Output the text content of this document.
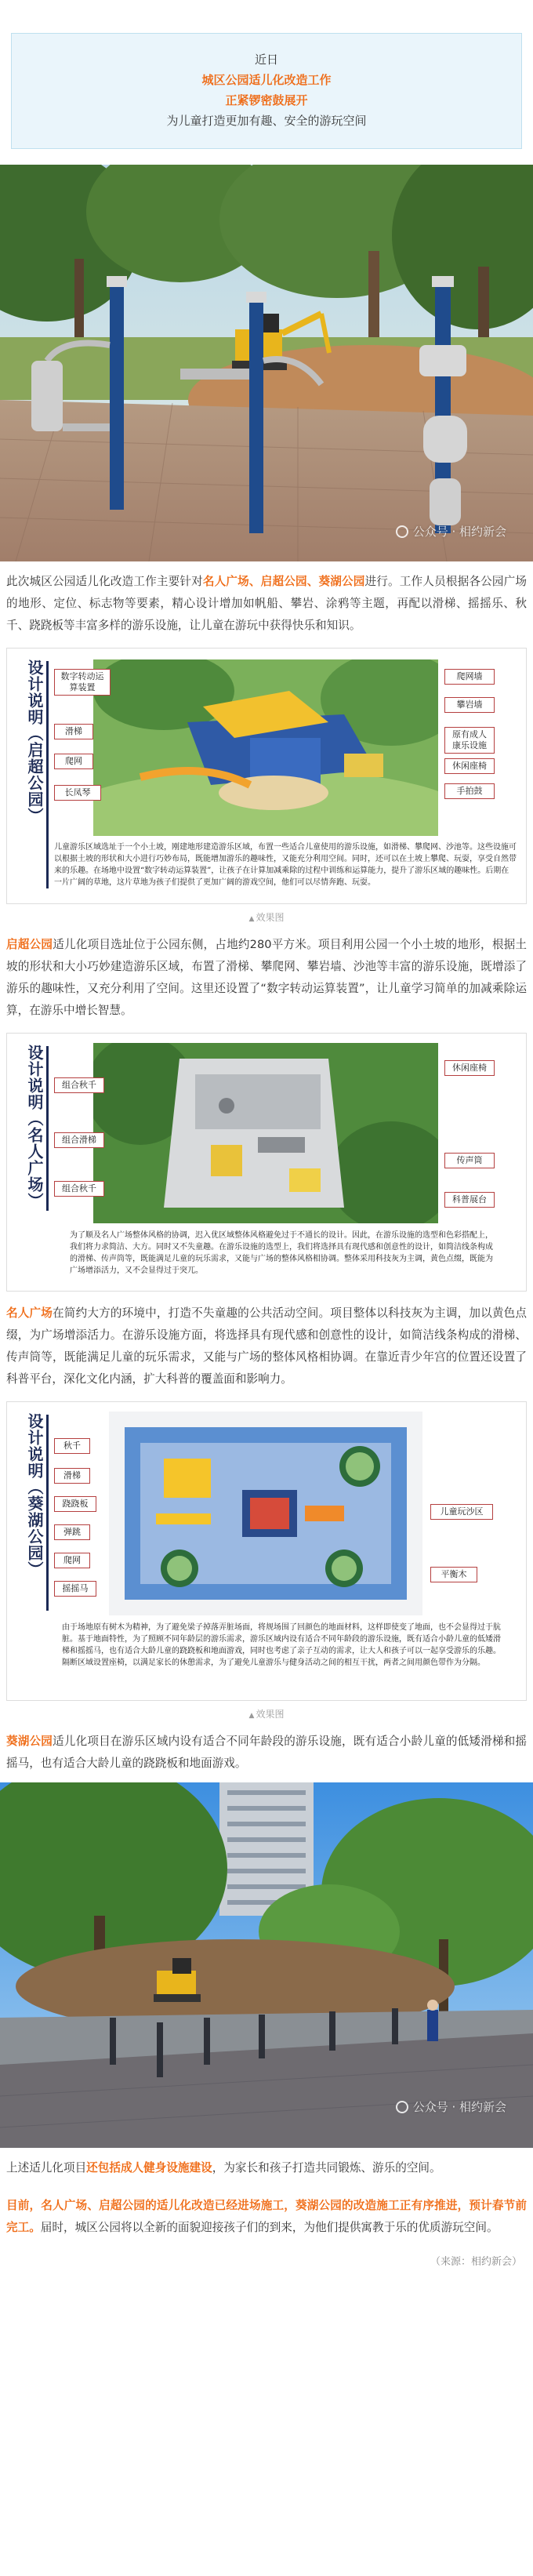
近日
城区公园适儿化改造工作
正紧锣密鼓展开
为儿童打造更加有趣、安全的游玩空间
公众号 · 相约新会
此次城区公园适儿化改造工作主要针对名人广场、启超公园、葵湖公园进行。工作人员根据各公园广场的地形、定位、标志物等要素，精心设计增加如帆船、攀岩、涂鸦等主题，再配以滑梯、摇摇乐、秋千、跷跷板等丰富多样的游乐设施，让儿童在游玩中获得快乐和知识。
设计说明（启超公园）	数字转动运算装置
滑梯
爬网
长凤琴
爬网墙
攀岩墙
原有成人康乐设施
休闲座椅
手拍鼓
儿童游乐区域选址于一个小土坡，刚建地形建造游乐区域，布置一些适合儿童使用的游乐设施，如滑梯、攀爬网、沙池等。这些设施可以根据土坡的形状和大小进行巧妙布局，既能增加游乐的趣味性，又能充分利用空间。同时，还可以在土坡上攀爬、玩耍，享受自然带来的乐趣。在场地中设置“数字转动运算装置”，让孩子在计算加减乘除的过程中训练和运算能力，提升了游乐区域的趣味性。后期在一片广阔的草地，这片草地为孩子们提供了更加广阔的游戏空间，他们可以尽情奔跑、玩耍。
▲ 效果图
启超公园适儿化项目选址位于公园东侧，占地约280平方米。项目利用公园一个小土坡的地形，根据土坡的形状和大小巧妙建造游乐区域，布置了滑梯、攀爬网、攀岩墙、沙池等丰富的游乐设施，既增添了游乐的趣味性，又充分利用了空间。这里还设置了“数字转动运算装置”，让儿童学习简单的加减乘除运算，在游乐中增长智慧。
设计说明（名人广场）	组合秋千
组合滑梯
组合秋千
休闲座椅
传声筒
科普展台
为了顺及名人广场整体风格的协调，迟入优区域整体风格避免过于不通长的设计。因此，在游乐设施的选型和色彩搭配上，我们将力求简洁、大方。同时又不失童趣。在游乐设施的选型上，我们将选择具有现代感和创意性的设计，如简洁线条构成的滑梯、传声筒等，既能满足儿童的玩乐需求，又能与广场的整体风格相协调。整体采用科技灰为主调，黄色点缀，既能为广场增添活力，又不会显得过于突兀。
名人广场在简约大方的环境中，打造不失童趣的公共活动空间。项目整体以科技灰为主调，加以黄色点缀，为广场增添活力。在游乐设施方面，将选择具有现代感和创意性的设计，如简洁线条构成的滑梯、传声筒等，既能满足儿童的玩乐需求，又能与广场的整体风格相协调。在靠近青少年宫的位置还设置了科普平台，深化文化内涵，扩大科普的覆盖面和影响力。
设计说明（葵湖公园）	秋千
滑梯
跷跷板
弹跳
爬网
摇摇马
儿童玩沙区
平衡木
由于场地原有树木为精神，为了避免梁子掉落弄脏场面，将规场围了回颜色的地面材料，这样即使变了地面，也不会显得过于肮脏。基于地面特性，为了照顾不同年龄层的游乐需求，游乐区域内设有适合不同年龄段的游乐设施，既有适合小龄儿童的低矮滑梯和摇摇马，也有适合大龄儿童的跷跷板和地面游戏，同时也考虑了亲子互动的需求，让大人和孩子可以一起享受游乐的乐趣。隔断区域设置座椅，以满足家长的休憩需求，为了避免儿童游乐与健身活动之间的相互干扰，两者之间用颜色带作为分隔。
▲ 效果图
葵湖公园适儿化项目在游乐区域内设有适合不同年龄段的游乐设施，既有适合小龄儿童的低矮滑梯和摇摇马，也有适合大龄儿童的跷跷板和地面游戏。
公众号 · 相约新会
上述适儿化项目还包括成人健身设施建设，为家长和孩子打造共同锻炼、游乐的空间。
目前，名人广场、启超公园的适儿化改造已经进场施工，葵湖公园的改造施工正有序推进，预计春节前完工。届时，城区公园将以全新的面貌迎接孩子们的到来，为他们提供寓教于乐的优质游玩空间。
（来源：相约新会）
